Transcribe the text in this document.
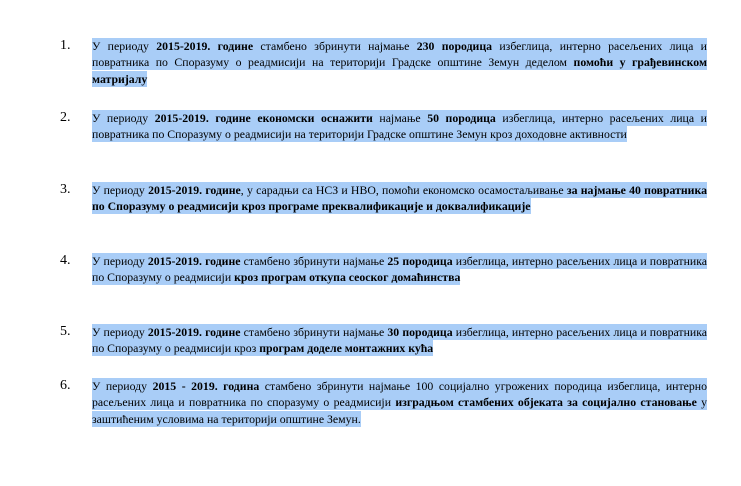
1.	У периоду 2015-2019. године стамбено збринути најмање 230 породица избеглица, интерно расељених лица и повратника по Споразуму о реадмисији на територији Градске општине Земун деделом помоћи у грађевинском матријалу
2.	У периоду 2015-2019. године економски оснажити најмање 50 породица избеглица, интерно расељених лица и повратника по Споразуму о реадмисији на територији Градске општине Земун кроз доходовне активности
3.	У периоду 2015-2019. године, у сарадњи са НСЗ и НВО, помоћи економско осамостаљивање за најмање 40 повратника по Споразуму о реадмисији кроз програме преквалификације и доквалификације
4.	У периоду 2015-2019. године стамбено збринути најмање 25 породица избеглица, интерно расељених лица и повратника по Споразуму о реадмисији кроз програм откупа сеоског домаћинства
5.	У периоду 2015-2019. године стамбено збринути најмање 30 породица избеглица, интерно расељених лица и повратника по Споразуму о реадмисији кроз програм доделе монтажних кућа
6.	У периоду 2015 - 2019. година стамбено збринути најмање 100 социјално угрожених породица избеглица, интерно расељених лица и повратника по споразуму о реадмисији изградњом стамбених објеката за социјално становање у заштићеним условима на територији општине Земун.
